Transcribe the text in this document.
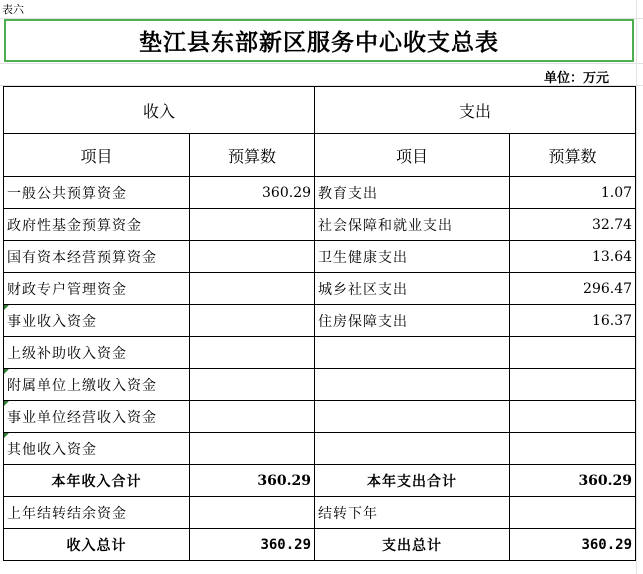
表六
垫江县东部新区服务中心收支总表
单位：万元
收入		支出	
项目	预算数	项目	预算数
一般公共预算资金	360.29	教育支出	1.07
政府性基金预算资金		社会保障和就业支出	32.74
国有资本经营预算资金		卫生健康支出	13.64
财政专户管理资金		城乡社区支出	296.47
事业收入资金		住房保障支出	16.37
上级补助收入资金			
附属单位上缴收入资金			
事业单位经营收入资金			
其他收入资金			
本年收入合计	360.29	本年支出合计	360.29
上年结转结余资金		结转下年	
收入总计	360.29	支出总计	360.29
